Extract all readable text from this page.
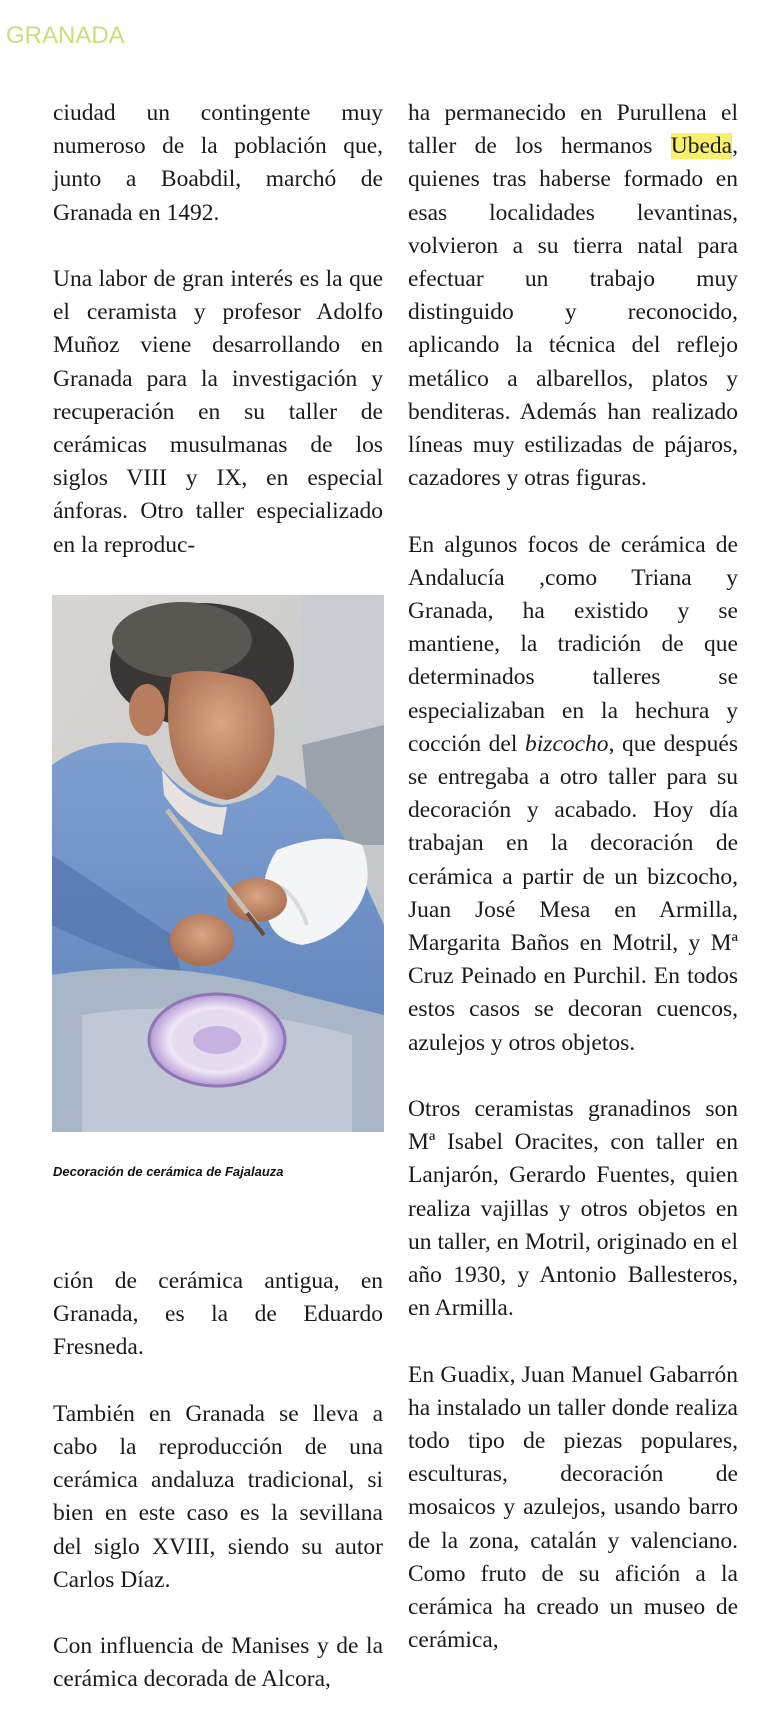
GRANADA

ciudad un contingente muy numeroso de la población que, junto a Boabdil, marchó de Granada en 1492.

Una labor de gran interés es la que el ceramista y profesor Adolfo Muñoz viene desarrollando en Granada para la investigación y recuperación en su taller de cerámicas musulmanas de los siglos VIII y IX, en especial ánforas. Otro taller especializado en la reproduc-

Decoración de cerámica de Fajalauza

ción de cerámica antigua, en Granada, es la de Eduardo Fresneda.

También en Granada se lleva a cabo la reproducción de una cerámica andaluza tradicional, si bien en este caso es la sevillana del siglo XVIII, siendo su autor Carlos Díaz.

Con influencia de Manises y de la cerámica decorada de Alcora,

ha permanecido en Purullena el taller de los hermanos Ubeda, quienes tras haberse formado en esas localidades levantinas, volvieron a su tierra natal para efectuar un trabajo muy distinguido y reconocido, aplicando la técnica del reflejo metálico a albarellos, platos y benditeras. Además han realizado líneas muy estilizadas de pájaros, cazadores y otras figuras.

En algunos focos de cerámica de Andalucía ,como Triana y Granada, ha existido y se mantiene, la tradición de que determinados talleres se especializaban en la hechura y cocción del bizcocho, que después se entregaba a otro taller para su decoración y acabado. Hoy día trabajan en la decoración de cerámica a partir de un bizcocho, Juan José Mesa en Armilla, Margarita Baños en Motril, y Mª Cruz Peinado en Purchil. En todos estos casos se decoran cuencos, azulejos y otros objetos.

Otros ceramistas granadinos son Mª Isabel Oracites, con taller en Lanjarón, Gerardo Fuentes, quien realiza vajillas y otros objetos en un taller, en Motril, originado en el año 1930, y Antonio Ballesteros, en Armilla.

En Guadix, Juan Manuel Gabarrón ha instalado un taller donde realiza todo tipo de piezas populares, esculturas, decoración de mosaicos y azulejos, usando barro de la zona, catalán y valenciano. Como fruto de su afición a la cerámica ha creado un museo de cerámica,
